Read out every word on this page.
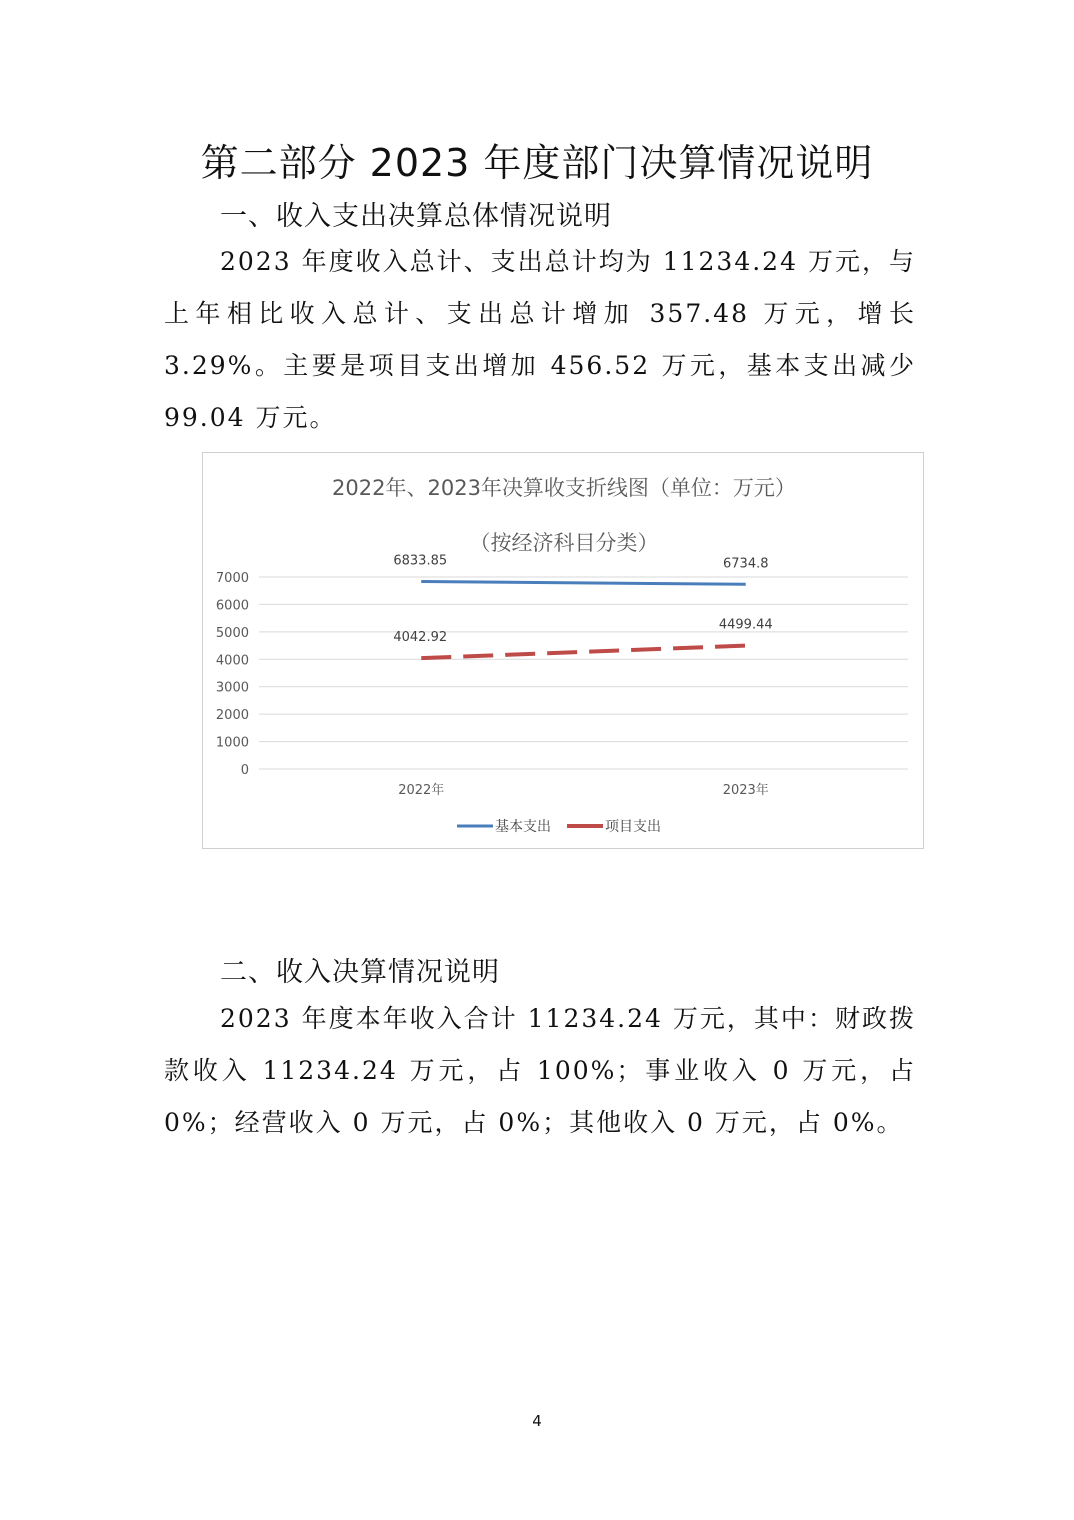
第二部分 2023 年度部门决算情况说明
一、收入支出决算总体情况说明

2023 年度收入总计、支出总计均为 11234.24 万元，与上年相比收入总计、支出总计增加 357.48 万元，增长 3.29%。主要是项目支出增加 456.52 万元，基本支出减少 99.04 万元。

2022年、2023年决算收支折线图（单位：万元）
（按经济科目分类）
0
1000
2000
3000
4000
5000
6000
7000
2022年	2023年
6833.85	6734.8
4042.92
4499.44
基本支出	项目支出
二、收入决算情况说明

2023 年度本年收入合计 11234.24 万元，其中：财政拨款收入 11234.24 万元，占 100%；事业收入 0 万元，占 0%；经营收入 0 万元，占 0%；其他收入 0 万元，占 0%。

4
